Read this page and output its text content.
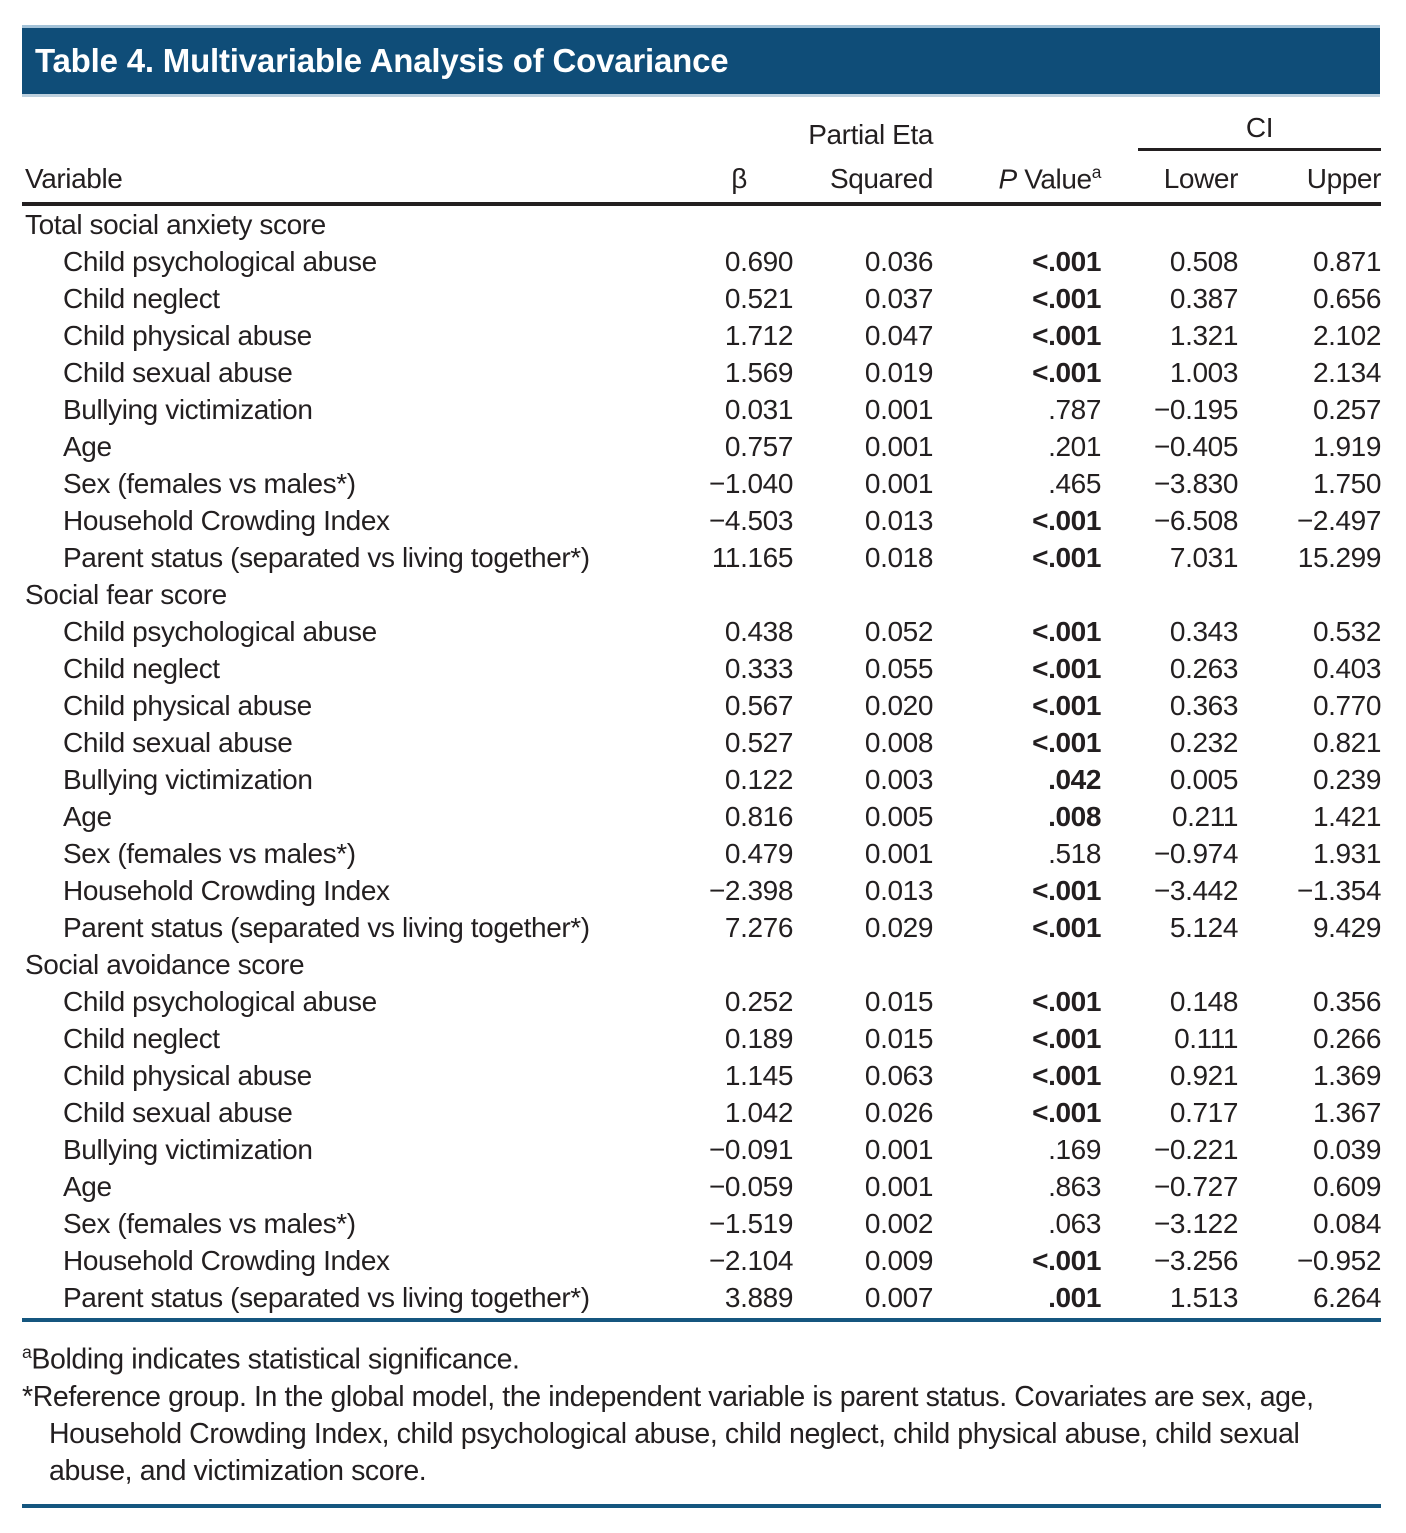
Table 4. Multivariable Analysis of Covariance
		Partial Eta		CI	

Variable	β	Squared	P Value$^a$	Lower	Upper
Total social anxiety score					
Child psychological abuse	0.690	0.036	<.001	0.508	0.871
Child neglect	0.521	0.037	<.001	0.387	0.656
Child physical abuse	1.712	0.047	<.001	1.321	2.102
Child sexual abuse	1.569	0.019	<.001	1.003	2.134
Bullying victimization	0.031	0.001	.787	−0.195	0.257
Age	0.757	0.001	.201	−0.405	1.919
Sex (females vs males*)	−1.040	0.001	.465	−3.830	1.750
Household Crowding Index	−4.503	0.013	<.001	−6.508	−2.497
Parent status (separated vs living together*)	11.165	0.018	<.001	7.031	15.299
Social fear score					
Child psychological abuse	0.438	0.052	<.001	0.343	0.532
Child neglect	0.333	0.055	<.001	0.263	0.403
Child physical abuse	0.567	0.020	<.001	0.363	0.770
Child sexual abuse	0.527	0.008	<.001	0.232	0.821
Bullying victimization	0.122	0.003	.042	0.005	0.239
Age	0.816	0.005	.008	0.211	1.421
Sex (females vs males*)	0.479	0.001	.518	−0.974	1.931
Household Crowding Index	−2.398	0.013	<.001	−3.442	−1.354
Parent status (separated vs living together*)	7.276	0.029	<.001	5.124	9.429
Social avoidance score					
Child psychological abuse	0.252	0.015	<.001	0.148	0.356
Child neglect	0.189	0.015	<.001	0.111	0.266
Child physical abuse	1.145	0.063	<.001	0.921	1.369
Child sexual abuse	1.042	0.026	<.001	0.717	1.367
Bullying victimization	−0.091	0.001	.169	−0.221	0.039
Age	−0.059	0.001	.863	−0.727	0.609
Sex (females vs males*)	−1.519	0.002	.063	−3.122	0.084
Household Crowding Index	−2.104	0.009	<.001	−3.256	−0.952
Parent status (separated vs living together*)	3.889	0.007	.001	1.513	6.264

$^a$Bolding indicates statistical significance.

*Reference group. In the global model, the independent variable is parent status. Covariates are sex, age, Household Crowding Index, child psychological abuse, child neglect, child physical abuse, child sexual abuse, and victimization score.
